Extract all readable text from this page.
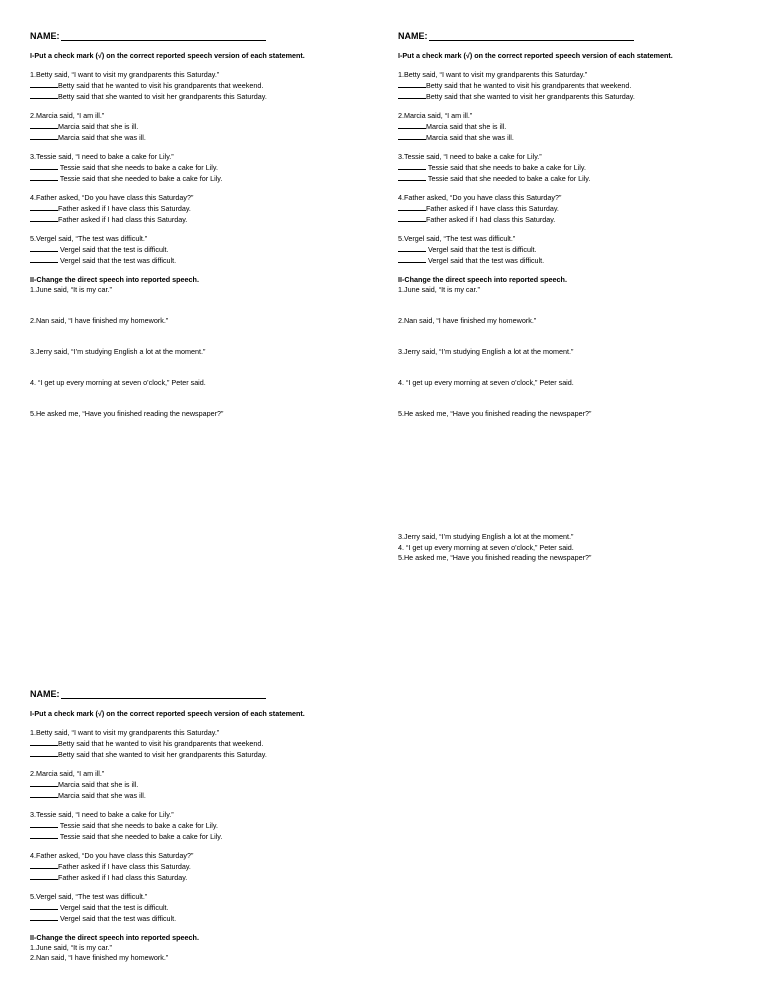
NAME:
I-Put a check mark (√) on the correct reported speech version of each statement.
1.Betty said, “I want to visit my grandparents this Saturday.”
Betty said that he wanted to visit his grandparents that weekend.
Betty said that she wanted to visit her grandparents this Saturday.
2.Marcia said, “I am ill.”
Marcia said that she is ill.
Marcia said that she was ill.
3.Tessie said, “I need to bake a cake for Lily.”
Tessie said that she needs to bake a cake for Lily.
Tessie said that she needed to bake a cake for Lily.
4.Father asked, “Do you have class this Saturday?”
Father asked if I have class this Saturday.
Father asked if I had class this Saturday.
5.Vergel said, “The test was difficult.”
Vergel said that the test is difficult.
Vergel said that the test was difficult.
II-Change the direct speech into reported speech.
1.June said, “It is my car.”
2.Nan said, “I have finished my homework.”
3.Jerry said, “I’m studying English a lot at the moment.”
4. “I get up every morning at seven o’clock,” Peter said.
5.He asked me, “Have you finished reading the newspaper?”
NAME:
I-Put a check mark (√) on the correct reported speech version of each statement.
1.Betty said, “I want to visit my grandparents this Saturday.”
Betty said that he wanted to visit his grandparents that weekend.
Betty said that she wanted to visit her grandparents this Saturday.
2.Marcia said, “I am ill.”
Marcia said that she is ill.
Marcia said that she was ill.
3.Tessie said, “I need to bake a cake for Lily.”
Tessie said that she needs to bake a cake for Lily.
Tessie said that she needed to bake a cake for Lily.
4.Father asked, “Do you have class this Saturday?”
Father asked if I have class this Saturday.
Father asked if I had class this Saturday.
5.Vergel said, “The test was difficult.”
Vergel said that the test is difficult.
Vergel said that the test was difficult.
II-Change the direct speech into reported speech.
1.June said, “It is my car.”
2.Nan said, “I have finished my homework.”
3.Jerry said, “I’m studying English a lot at the moment.”
4. “I get up every morning at seven o’clock,” Peter said.
5.He asked me, “Have you finished reading the newspaper?”
3.Jerry said, “I’m studying English a lot at the moment.”
4. “I get up every morning at seven o’clock,” Peter said.
5.He asked me, “Have you finished reading the newspaper?”
NAME:
I-Put a check mark (√) on the correct reported speech version of each statement.
1.Betty said, “I want to visit my grandparents this Saturday.”
Betty said that he wanted to visit his grandparents that weekend.
Betty said that she wanted to visit her grandparents this Saturday.
2.Marcia said, “I am ill.”
Marcia said that she is ill.
Marcia said that she was ill.
3.Tessie said, “I need to bake a cake for Lily.”
Tessie said that she needs to bake a cake for Lily.
Tessie said that she needed to bake a cake for Lily.
4.Father asked, “Do you have class this Saturday?”
Father asked if I have class this Saturday.
Father asked if I had class this Saturday.
5.Vergel said, “The test was difficult.”
Vergel said that the test is difficult.
Vergel said that the test was difficult.
II-Change the direct speech into reported speech.
1.June said, “It is my car.”
2.Nan said, “I have finished my homework.”
